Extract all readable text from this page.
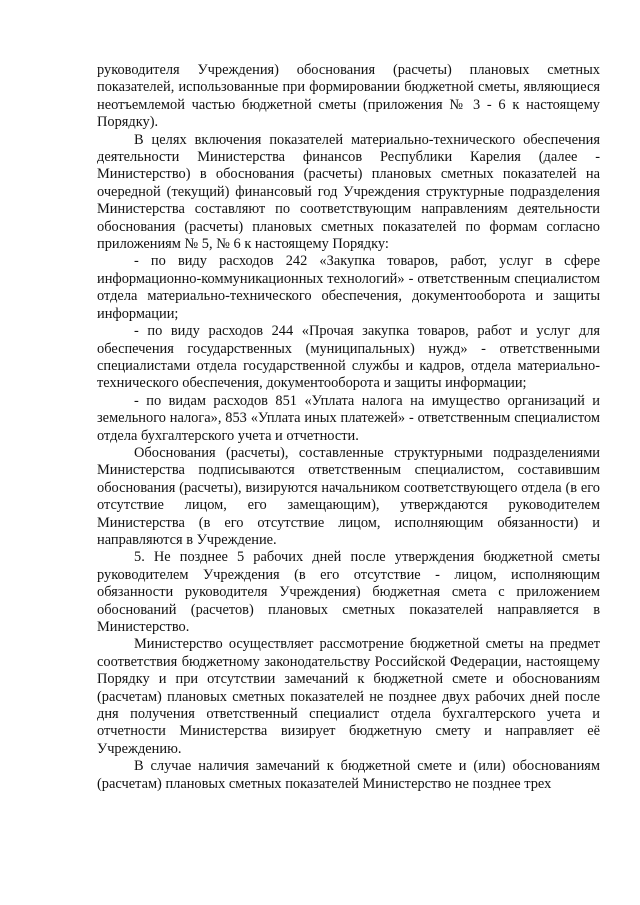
руководителя Учреждения) обоснования (расчеты) плановых сметных показателей, использованные при формировании бюджетной сметы, являющиеся неотъемлемой частью бюджетной сметы (приложения № 3 - 6 к настоящему Порядку).

В целях включения показателей материально-технического обеспечения деятельности Министерства финансов Республики Карелия (далее - Министерство) в обоснования (расчеты) плановых сметных показателей на очередной (текущий) финансовый год Учреждения структурные подразделения Министерства составляют по соответствующим направлениям деятельности обоснования (расчеты) плановых сметных показателей по формам согласно приложениям № 5, № 6 к настоящему Порядку:

- по виду расходов 242 «Закупка товаров, работ, услуг в сфере информационно-коммуникационных технологий» - ответственным специалистом отдела материально-технического обеспечения, документооборота и защиты информации;

- по виду расходов 244 «Прочая закупка товаров, работ и услуг для обеспечения государственных (муниципальных) нужд» - ответственными специалистами отдела государственной службы и кадров, отдела материально-технического обеспечения, документооборота и защиты информации;

- по видам расходов 851 «Уплата налога на имущество организаций и земельного налога», 853 «Уплата иных платежей» - ответственным специалистом отдела бухгалтерского учета и отчетности.

Обоснования (расчеты), составленные структурными подразделениями Министерства подписываются ответственным специалистом, составившим обоснования (расчеты), визируются начальником соответствующего отдела (в его отсутствие лицом, его замещающим), утверждаются руководителем Министерства (в его отсутствие лицом, исполняющим обязанности) и направляются в Учреждение.

5. Не позднее 5 рабочих дней после утверждения бюджетной сметы руководителем Учреждения (в его отсутствие - лицом, исполняющим обязанности руководителя Учреждения) бюджетная смета с приложением обоснований (расчетов) плановых сметных показателей направляется в Министерство.

Министерство осуществляет рассмотрение бюджетной сметы на предмет соответствия бюджетному законодательству Российской Федерации, настоящему Порядку и при отсутствии замечаний к бюджетной смете и обоснованиям (расчетам) плановых сметных показателей не позднее двух рабочих дней после дня получения ответственный специалист отдела бухгалтерского учета и отчетности Министерства визирует бюджетную смету и направляет её Учреждению.

В случае наличия замечаний к бюджетной смете и (или) обоснованиям (расчетам) плановых сметных показателей Министерство не позднее трех
